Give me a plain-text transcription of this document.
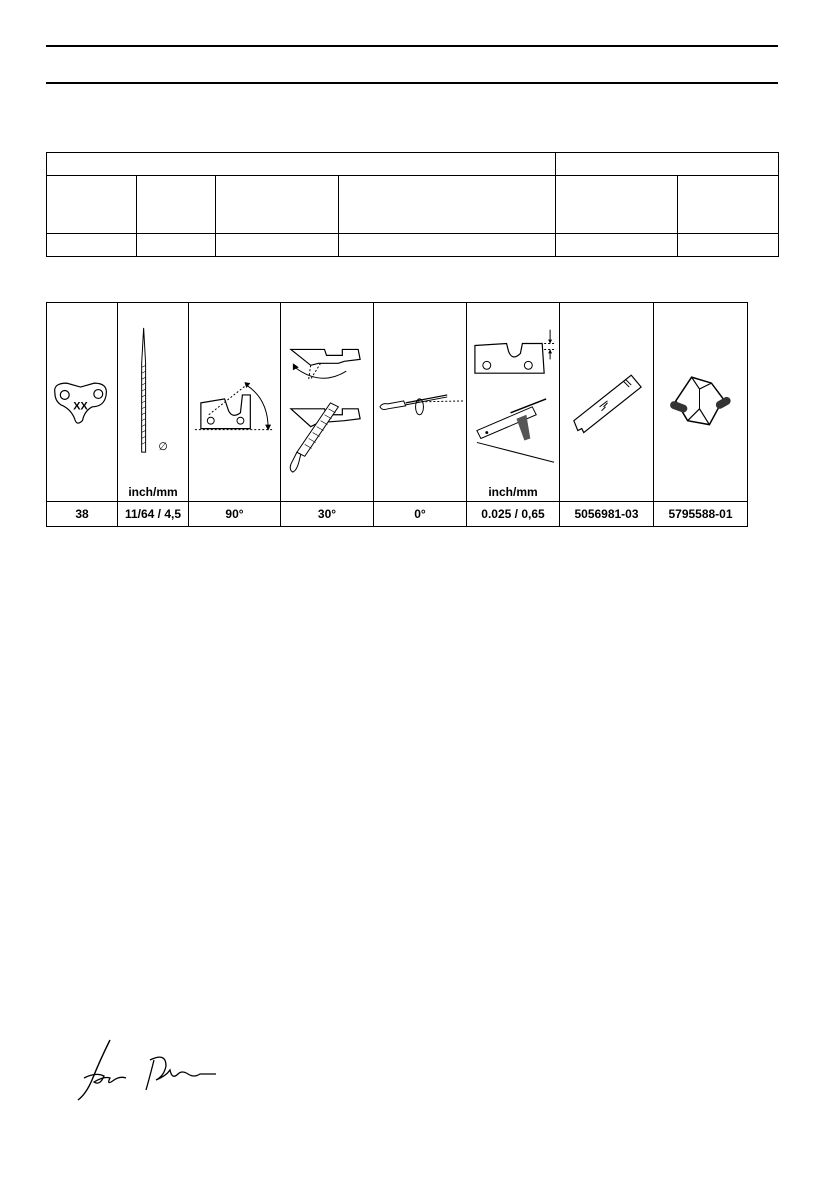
XX	∅
inch/mm				inch/mm

38	11/64 / 4,5	90°	30°	0°	0.025 / 0,65	5056981-03	5795588-01
